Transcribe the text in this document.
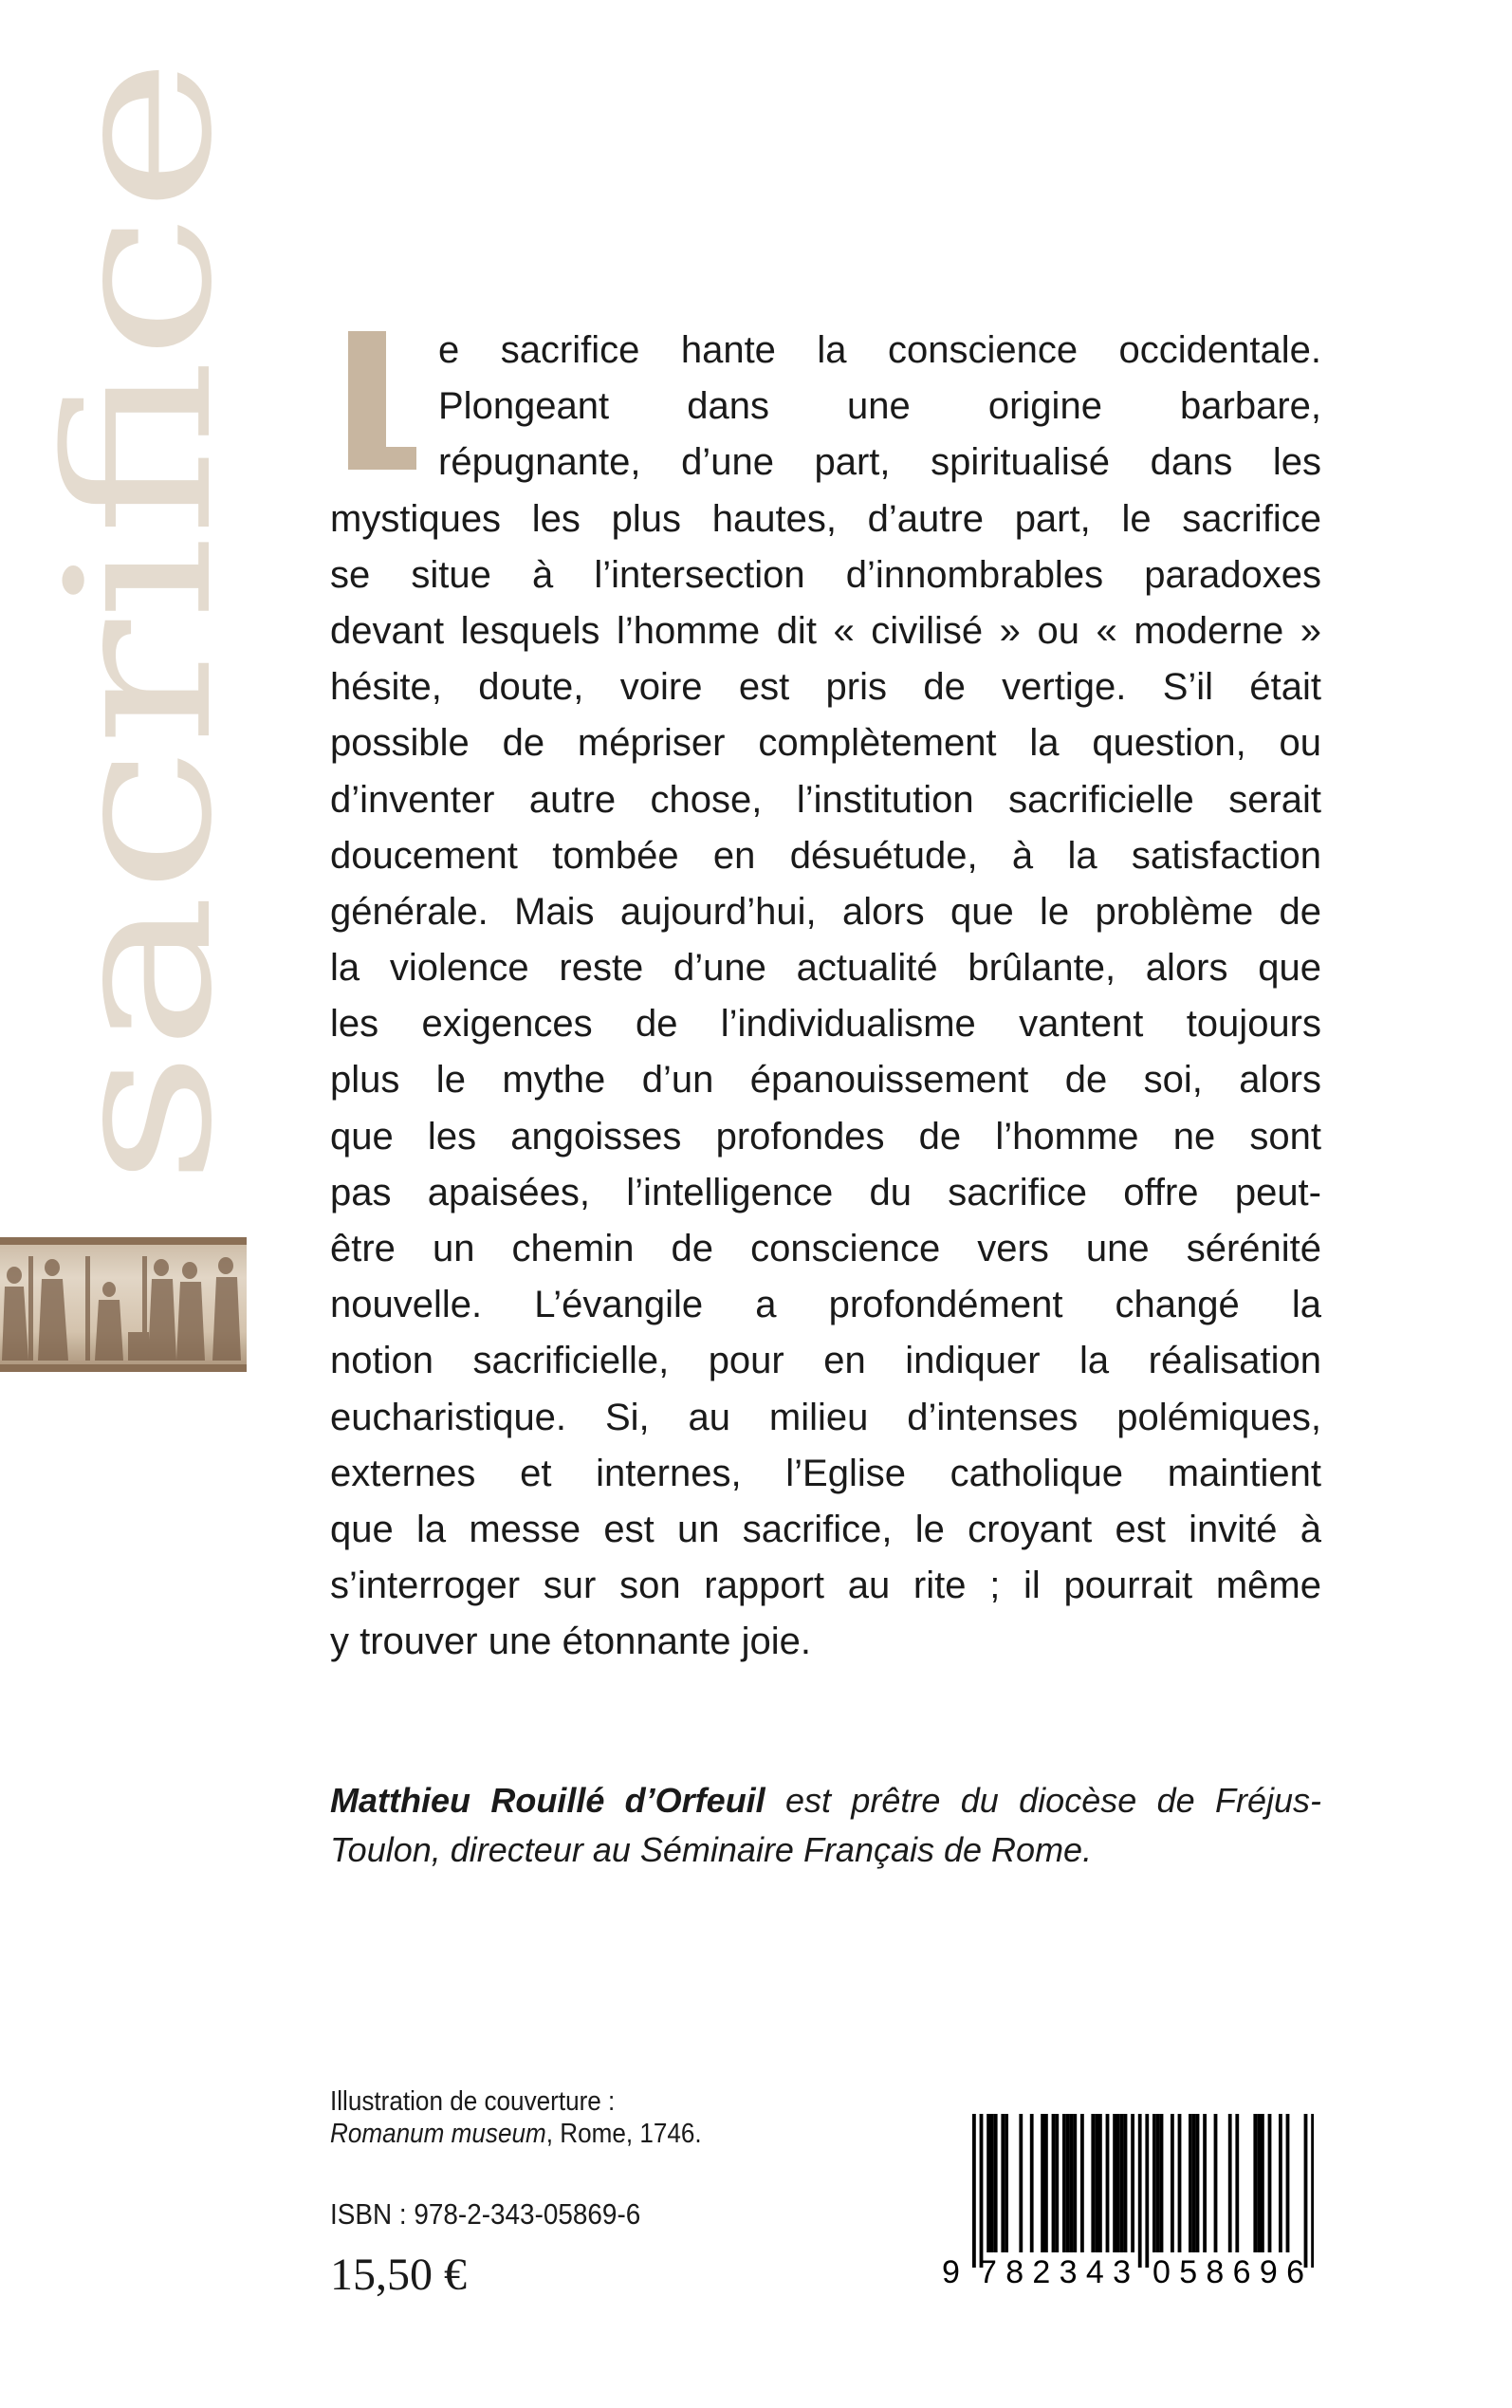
sacrifice	e sacrifice hante la conscience occidentale.
Plongeant dans une origine barbare,
répugnante, d’une part, spiritualisé dans les
mystiques les plus hautes, d’autre part, le sacrifice
se situe à l’intersection d’innombrables paradoxes
devant lesquels l’homme dit « civilisé » ou « moderne »
hésite, doute, voire est pris de vertige. S’il était
possible de mépriser complètement la question, ou
d’inventer autre chose, l’institution sacrificielle serait
doucement tombée en désuétude, à la satisfaction
générale. Mais aujourd’hui, alors que le problème de
la violence reste d’une actualité brûlante, alors que
les exigences de l’individualisme vantent toujours
plus le mythe d’un épanouissement de soi, alors
que les angoisses profondes de l’homme ne sont
pas apaisées, l’intelligence du sacrifice offre peut-
être un chemin de conscience vers une sérénité
nouvelle. L’évangile a profondément changé la
notion sacrificielle, pour en indiquer la réalisation
eucharistique. Si, au milieu d’intenses polémiques,
externes et internes, l’Eglise catholique maintient
que la messe est un sacrifice, le croyant est invité à
s’interroger sur son rapport au rite ; il pourrait même
y trouver une étonnante joie.
Matthieu Rouillé d’Orfeuil est prêtre du diocèse de Fréjus-
Toulon, directeur au Séminaire Français de Rome.
Illustration de couverture :
Romanum museum, Rome, 1746.
ISBN : 978-2-343-05869-6
15,50 €	9 782343 058696
